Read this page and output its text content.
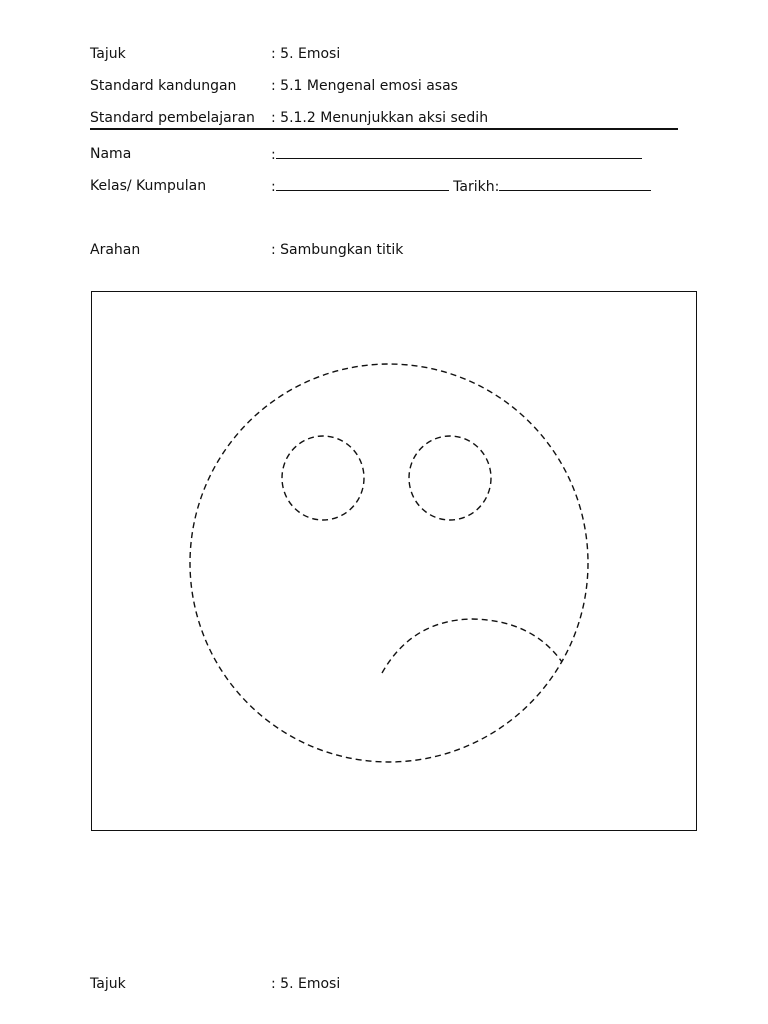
Tajuk	: 5. Emosi
Standard kandungan : 5.1 Mengenal emosi asas
Standard pembelajaran : 5.1.2 Menunjukkan aksi sedih
Nama	:
Kelas/ Kumpulan	:	Tarikh:
Arahan	: Sambungkan titik
Tajuk	: 5. Emosi
